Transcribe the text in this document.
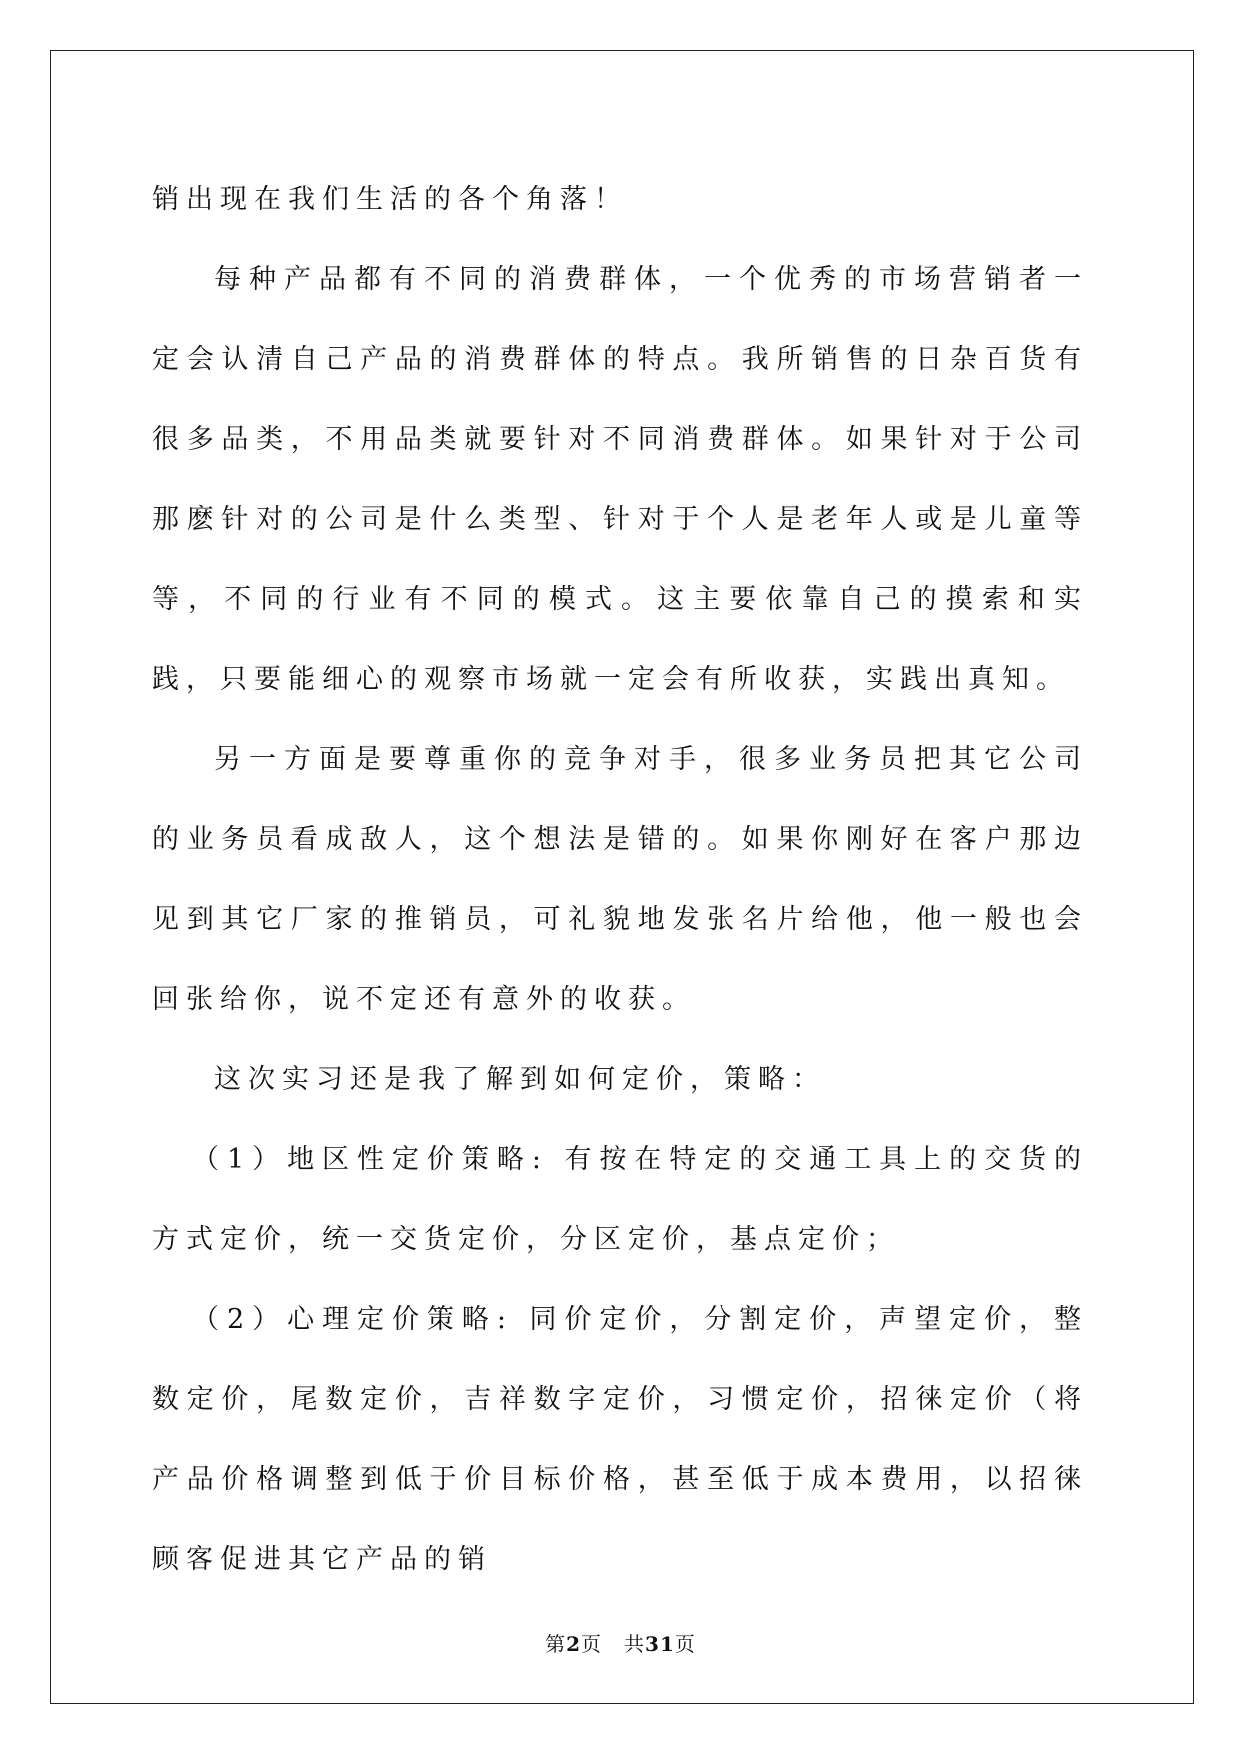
销出现在我们生活的各个角落！

每种产品都有不同的消费群体，一个优秀的市场营销者一定会认清自己产品的消费群体的特点。我所销售的日杂百货有很多品类，不用品类就要针对不同消费群体。如果针对于公司那麽针对的公司是什么类型、针对于个人是老年人或是儿童等等，不同的行业有不同的模式。这主要依靠自己的摸索和实践，只要能细心的观察市场就一定会有所收获，实践出真知。

另一方面是要尊重你的竞争对手，很多业务员把其它公司的业务员看成敌人，这个想法是错的。如果你刚好在客户那边见到其它厂家的推销员，可礼貌地发张名片给他，他一般也会回张给你，说不定还有意外的收获。

这次实习还是我了解到如何定价，策略：

（1）地区性定价策略: 有按在特定的交通工具上的交货的方式定价，统一交货定价，分区定价，基点定价；

（2）心理定价策略: 同价定价，分割定价，声望定价，整数定价，尾数定价，吉祥数字定价，习惯定价，招徕定价（将产品价格调整到低于价目标价格，甚至低于成本费用，以招徕顾客促进其它产品的销

第2页 共31页
